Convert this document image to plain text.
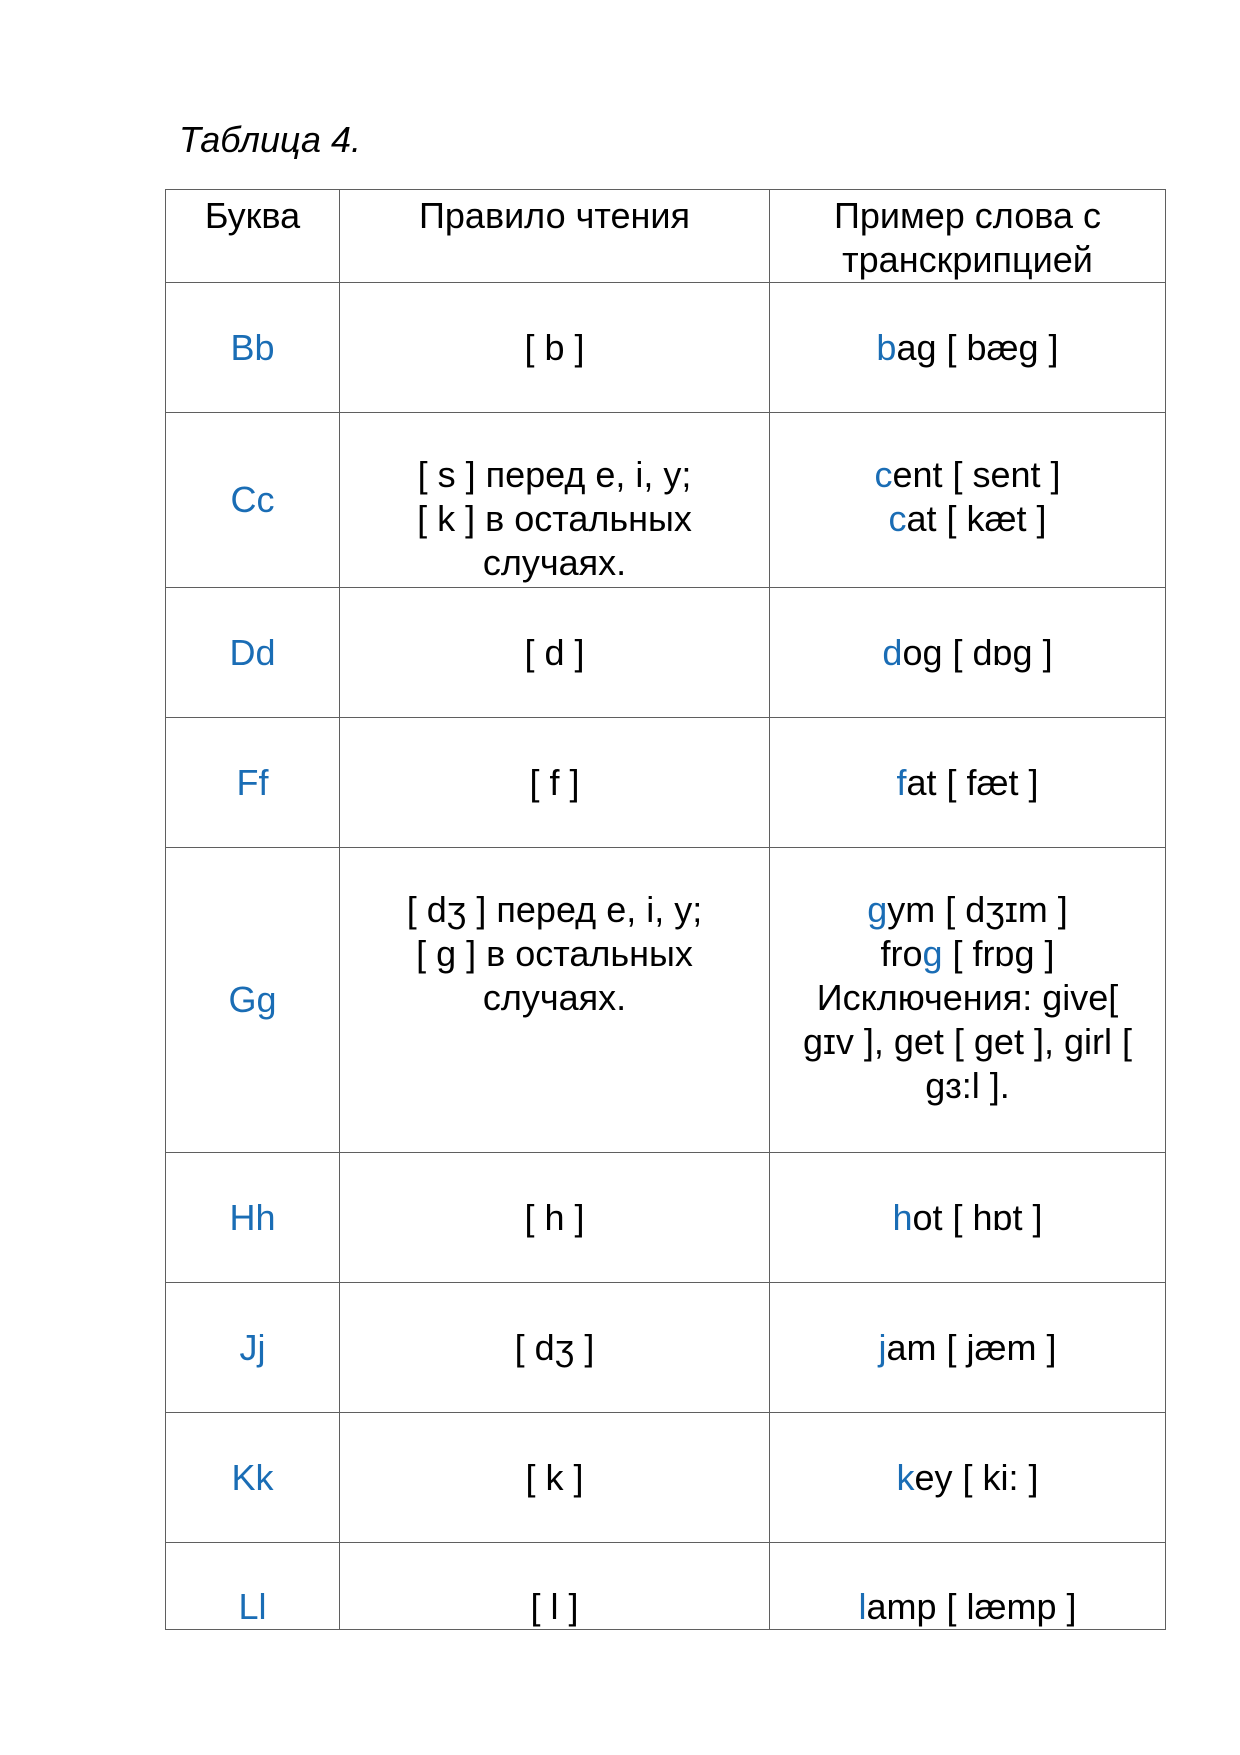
Таблица 4.
Буква	Правило чтения	Пример слова с
транскрипцией

Bb	[ b ]	bag [ bæg ]

Cc	[ s ] перед e, i, y;
[ k ] в остальных
случаях.	cent [ sent ]
cat [ kæt ]

Dd	[ d ]	dog [ dɒg ]

Ff	[ f ]	fat [ fæt ]

Gg	[ dʒ ] перед e, i, y;
[ g ] в остальных
случаях.	gym [ dʒɪm ]
frog [ frɒg ]
Исключения: give[
gɪv ], get [ get ], girl [
gɜ:l ].

Hh	[ h ]	hot [ hɒt ]

Jj	[ dʒ ]	jam [ jæm ]

Kk	[ k ]	key [ ki: ]

Ll	[ l ]	lamp [ læmp ]
